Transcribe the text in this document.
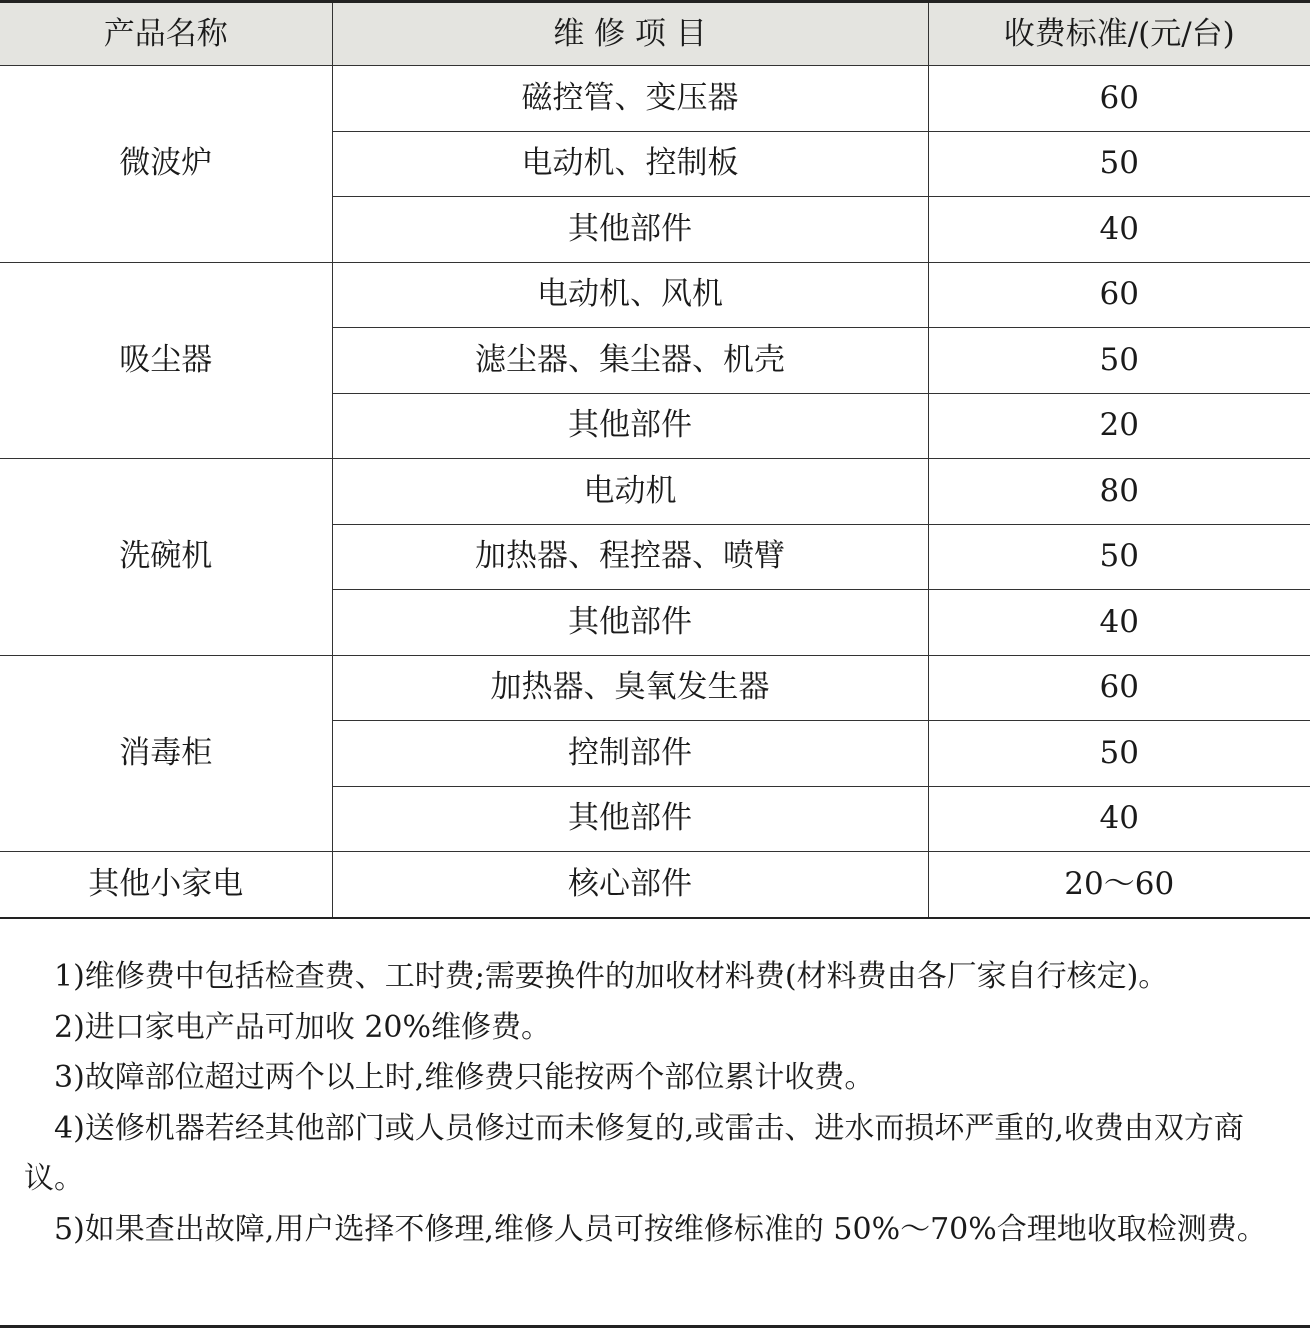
产品名称	维 修 项 目	收费标准/(元/台)
微波炉	磁控管、变压器	60
	电动机、控制板	50
	其他部件	40
吸尘器	电动机、风机	60
	滤尘器、集尘器、机壳	50
	其他部件	20
洗碗机	电动机	80
	加热器、程控器、喷臂	50
	其他部件	40
消毒柜	加热器、臭氧发生器	60
	控制部件	50
	其他部件	40
其他小家电	核心部件	20～60

1)维修费中包括检查费、工时费;需要换件的加收材料费(材料费由各厂家自行核定)。

2)进口家电产品可加收 20%维修费。

3)故障部位超过两个以上时,维修费只能按两个部位累计收费。

4)送修机器若经其他部门或人员修过而未修复的,或雷击、进水而损坏严重的,收费由双方商议。

5)如果查出故障,用户选择不修理,维修人员可按维修标准的 50%～70%合理地收取检测费。
